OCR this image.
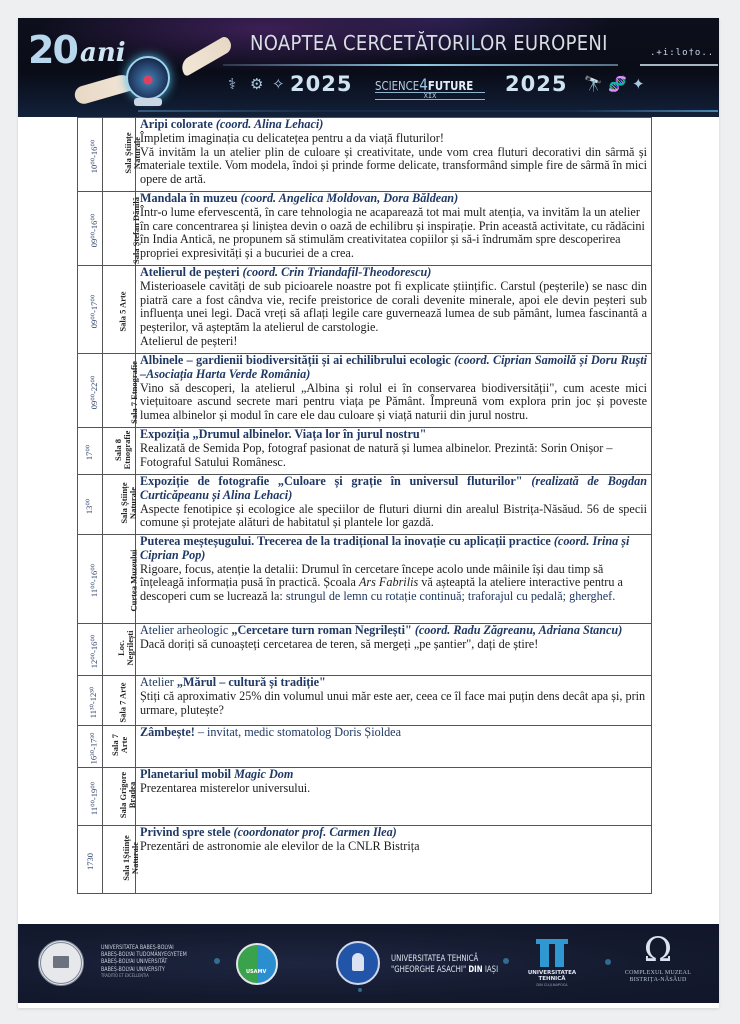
20 ani	NOAPTEA CERCETĂTORILOR EUROPENI	.+i:lo†o..
⚕ ⚙ ✧ 2025 SCIENCE4FUTURE
XIX	2025 🔭 🧬 ✦
10⁰⁰-16⁰⁰	Sala Științe Naturale	Aripi colorate (coord. Alina Lehaci)

Împletim imaginația cu delicatețea pentru a da viață fluturilor!

Vă invităm la un atelier plin de culoare și creativitate, unde vom crea fluturi decorativi din sârmă și materiale textile. Vom modela, îndoi și prinde forme delicate, transformând simple fire de sârmă în mici opere de artă.

09⁰⁰-16⁰⁰	Sala Ștefan Dănilă	Mandala în muzeu (coord. Angelica Moldovan, Dora Băldean)

Într-o lume efervescentă, în care tehnologia ne acaparează tot mai mult atenția, va invităm la un atelier în care concentrarea și liniștea devin o oază de echilibru și inspirație. Prin această activitate, cu rădăcini în India Antică, ne propunem să stimulăm creativitatea copiilor și să-i îndrumăm spre descoperirea propriei expresivități și a bucuriei de a crea.

09⁰⁰-17⁰⁰	Sala 5 Arte	Atelierul de peșteri (coord. Crin Triandafil-Theodorescu)

Misterioasele cavități de sub picioarele noastre pot fi explicate științific. Carstul (peșterile) se nasc din piatră care a fost cândva vie, recife preistorice de corali devenite minerale, apoi ele devin peșteri sub influența unei legi. Dacă vreți să aflați legile care guvernează lumea de sub pământ, lumea fascinantă a peșterilor, vă așteptăm la atelierul de carstologie.

Atelierul de peșteri!

09⁰⁰-22⁰⁰	Sala 7 Etnografie	Albinele – gardienii biodiversității și ai echilibrului ecologic (coord. Ciprian Samoilă și Doru Ruști –Asociația Harta Verde România)

Vino să descoperi, la atelierul „Albina și rolul ei în conservarea biodiversității", cum aceste mici viețuitoare ascund secrete mari pentru viața pe Pământ. Împreună vom explora prin joc și poveste lumea albinelor și modul în care ele dau culoare și viață naturii din jurul nostru.

17⁰⁰	Sala 8 Etnografie	Expoziția „Drumul albinelor. Viața lor în jurul nostru"

Realizată de Semida Pop, fotograf pasionat de natură și lumea albinelor. Prezintă: Sorin Onișor – Fotograful Satului Românesc.

13⁰⁰	Sala Științe Naturale	Expoziție de fotografie „Culoare și grație în universul fluturilor" (realizată de Bogdan Curticăpeanu și Alina Lehaci)

Aspecte fenotipice și ecologice ale speciilor de fluturi diurni din arealul Bistrița-Năsăud. 56 de specii comune și protejate alături de habitatul și plantele lor gazdă.

11⁰⁰-16⁰⁰	Curtea Muzeului	Puterea meșteșugului. Trecerea de la tradițional la inovație cu aplicații practice (coord. Irina și Ciprian Pop)

Rigoare, focus, atenție la detalii: Drumul în cercetare începe acolo unde mâinile își dau timp să înțeleagă informația pusă în practică. Școala Ars Fabrilis vă așteaptă la ateliere interactive pentru a descoperi cum se lucrează la: strungul de lemn cu rotație continuă; traforajul cu pedală; gherghef.

12⁰⁰-16⁰⁰	Loc. Negrilești	Atelier arheologic „Cercetare turn roman Negrilești" (coord. Radu Zăgreanu, Adriana Stancu)

Dacă doriți să cunoașteți cercetarea de teren, să mergeți „pe șantier", dați de știre!

11³⁰-12³⁰	Sala 7 Arte	Atelier „Mărul – cultură și tradiție"

Știți că aproximativ 25% din volumul unui măr este aer, ceea ce îl face mai puțin dens decât apa și, prin urmare, plutește?

16³⁰-17³⁰	Sala 7 Arte	Zâmbește! – invitat, medic stomatolog Doris Șioldea

11⁰⁰-19⁰⁰	Sala Grigore Bradea	Planetariul mobil Magic Dom

Prezentarea misterelor universului.

1730	Sala 1Științe Naturale	Privind spre stele (coordonator prof. Carmen Ilea)

Prezentări de astronomie ale elevilor de la CNLR Bistrița

UNIVERSITATEA BABEȘ-BOLYAI
BABEȘ-BOLYAI TUDOMÁNYEGYETEM
BABEȘ-BOLYAI UNIVERSITÄT
BABEȘ-BOLYAI UNIVERSITY
TRADITIO ET EXCELLENTIA
USAMV
UNIVERSITATEA TEHNICĂ
"GHEORGHE ASACHI" DIN IAȘI	UNIVERSITATEA
TEHNICĂ
DIN CLUJ-NAPOCA
Ω
COMPLEXUL MUZEAL
BISTRIȚA-NĂSĂUD
